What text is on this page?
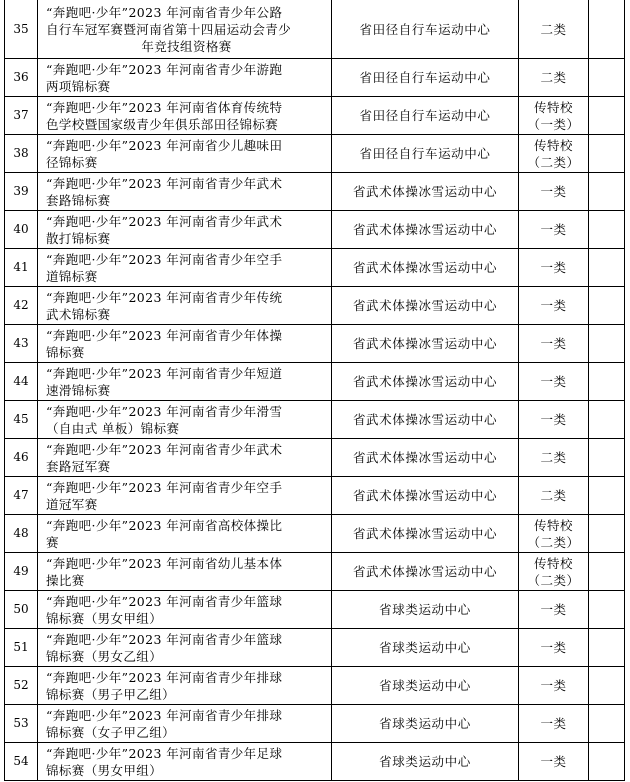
35	“奔跑吧·少年”2023 年河南省青少年公路
自行车冠军赛暨河南省第十四届运动会青少
年竞技组资格赛	省田径自行车运动中心	二类	

36	“奔跑吧·少年”2023 年河南省青少年游跑
两项锦标赛	省田径自行车运动中心	二类	

37	“奔跑吧·少年”2023 年河南省体育传统特
色学校暨国家级青少年俱乐部田径锦标赛	省田径自行车运动中心	传特校
（一类）	

38	“奔跑吧·少年”2023 年河南省少儿趣味田
径锦标赛	省田径自行车运动中心	传特校
（二类）	

39	“奔跑吧·少年”2023 年河南省青少年武术
套路锦标赛	省武术体操冰雪运动中心	一类	

40	“奔跑吧·少年”2023 年河南省青少年武术
散打锦标赛	省武术体操冰雪运动中心	一类	

41	“奔跑吧·少年”2023 年河南省青少年空手
道锦标赛	省武术体操冰雪运动中心	一类	

42	“奔跑吧·少年”2023 年河南省青少年传统
武术锦标赛	省武术体操冰雪运动中心	一类	

43	“奔跑吧·少年”2023 年河南省青少年体操
锦标赛	省武术体操冰雪运动中心	一类	

44	“奔跑吧·少年”2023 年河南省青少年短道
速滑锦标赛	省武术体操冰雪运动中心	一类	

45	“奔跑吧·少年”2023 年河南省青少年滑雪
（自由式 单板）锦标赛	省武术体操冰雪运动中心	一类	

46	“奔跑吧·少年”2023 年河南省青少年武术
套路冠军赛	省武术体操冰雪运动中心	二类	

47	“奔跑吧·少年”2023 年河南省青少年空手
道冠军赛	省武术体操冰雪运动中心	二类	

48	“奔跑吧·少年”2023 年河南省高校体操比
赛	省武术体操冰雪运动中心	传特校
（二类）	

49	“奔跑吧·少年”2023 年河南省幼儿基本体
操比赛	省武术体操冰雪运动中心	传特校
（二类）	

50	“奔跑吧·少年”2023 年河南省青少年篮球
锦标赛（男女甲组）	省球类运动中心	一类	

51	“奔跑吧·少年”2023 年河南省青少年篮球
锦标赛（男女乙组）	省球类运动中心	一类	

52	“奔跑吧·少年”2023 年河南省青少年排球
锦标赛（男子甲乙组）	省球类运动中心	一类	

53	“奔跑吧·少年”2023 年河南省青少年排球
锦标赛（女子甲乙组）	省球类运动中心	一类	

54	“奔跑吧·少年”2023 年河南省青少年足球
锦标赛（男女甲组）	省球类运动中心	一类	
